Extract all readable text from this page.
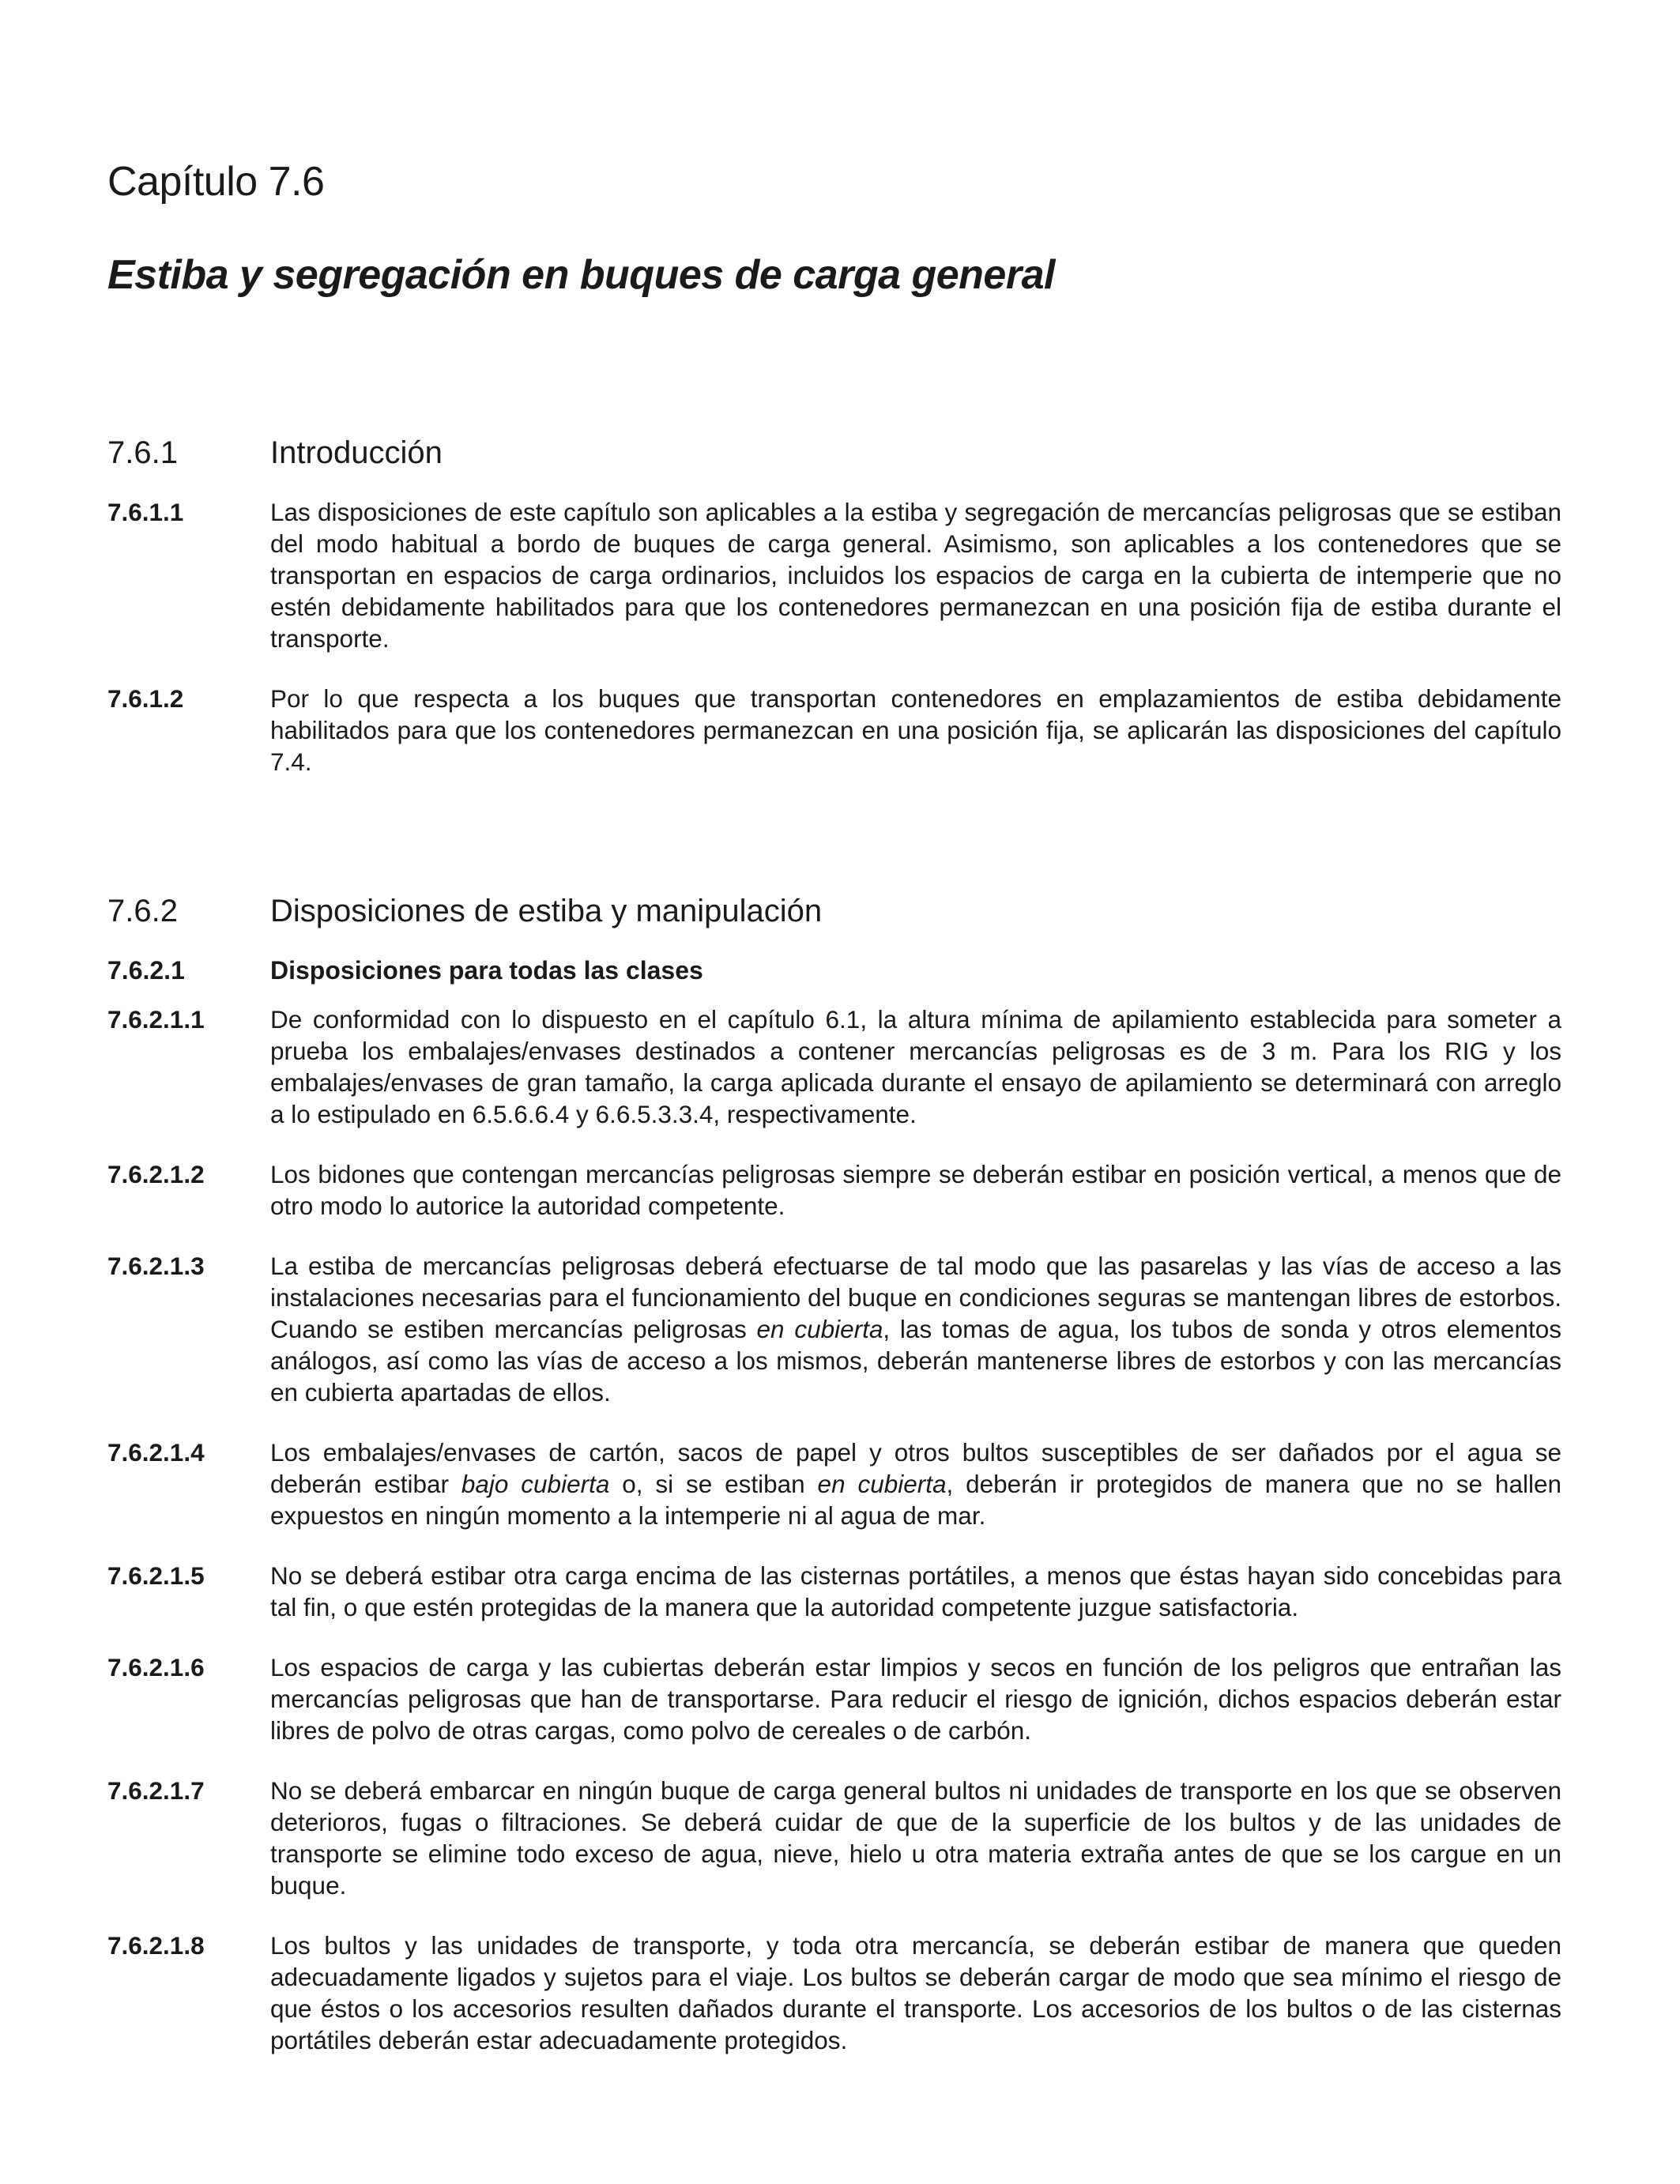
Capítulo 7.6
Estiba y segregación en buques de carga general
7.6.1	Introducción
7.6.1.1	Las disposiciones de este capítulo son aplicables a la estiba y segregación de mercancías peligrosas que se estiban del modo habitual a bordo de buques de carga general. Asimismo, son aplicables a los contenedores que se transportan en espacios de carga ordinarios, incluidos los espacios de carga en la cubierta de intemperie que no estén debidamente habilitados para que los contenedores permanezcan en una posición fija de estiba durante el transporte.
7.6.1.2	Por lo que respecta a los buques que transportan contenedores en emplazamientos de estiba debidamente habilitados para que los contenedores permanezcan en una posición fija, se aplicarán las disposiciones del capítulo 7.4.
7.6.2	Disposiciones de estiba y manipulación
7.6.2.1	Disposiciones para todas las clases
7.6.2.1.1	De conformidad con lo dispuesto en el capítulo 6.1, la altura mínima de apilamiento establecida para someter a prueba los embalajes/envases destinados a contener mercancías peligrosas es de 3 m. Para los RIG y los embalajes/envases de gran tamaño, la carga aplicada durante el ensayo de apilamiento se determinará con arreglo a lo estipulado en 6.5.6.6.4 y 6.6.5.3.3.4, respectivamente.
7.6.2.1.2	Los bidones que contengan mercancías peligrosas siempre se deberán estibar en posición vertical, a menos que de otro modo lo autorice la autoridad competente.
7.6.2.1.3	La estiba de mercancías peligrosas deberá efectuarse de tal modo que las pasarelas y las vías de acceso a las instalaciones necesarias para el funcionamiento del buque en condiciones seguras se mantengan libres de estorbos. Cuando se estiben mercancías peligrosas en cubierta, las tomas de agua, los tubos de sonda y otros elementos análogos, así como las vías de acceso a los mismos, deberán mantenerse libres de estorbos y con las mercancías en cubierta apartadas de ellos.
7.6.2.1.4	Los embalajes/envases de cartón, sacos de papel y otros bultos susceptibles de ser dañados por el agua se deberán estibar bajo cubierta o, si se estiban en cubierta, deberán ir protegidos de manera que no se hallen expuestos en ningún momento a la intemperie ni al agua de mar.
7.6.2.1.5	No se deberá estibar otra carga encima de las cisternas portátiles, a menos que éstas hayan sido concebidas para tal fin, o que estén protegidas de la manera que la autoridad competente juzgue satisfactoria.
7.6.2.1.6	Los espacios de carga y las cubiertas deberán estar limpios y secos en función de los peligros que entrañan las mercancías peligrosas que han de transportarse. Para reducir el riesgo de ignición, dichos espacios deberán estar libres de polvo de otras cargas, como polvo de cereales o de carbón.
7.6.2.1.7	No se deberá embarcar en ningún buque de carga general bultos ni unidades de transporte en los que se observen deterioros, fugas o filtraciones. Se deberá cuidar de que de la superficie de los bultos y de las unidades de transporte se elimine todo exceso de agua, nieve, hielo u otra materia extraña antes de que se los cargue en un buque.
7.6.2.1.8	Los bultos y las unidades de transporte, y toda otra mercancía, se deberán estibar de manera que queden adecuadamente ligados y sujetos para el viaje. Los bultos se deberán cargar de modo que sea mínimo el riesgo de que éstos o los accesorios resulten dañados durante el transporte. Los accesorios de los bultos o de las cisternas portátiles deberán estar adecuadamente protegidos.
